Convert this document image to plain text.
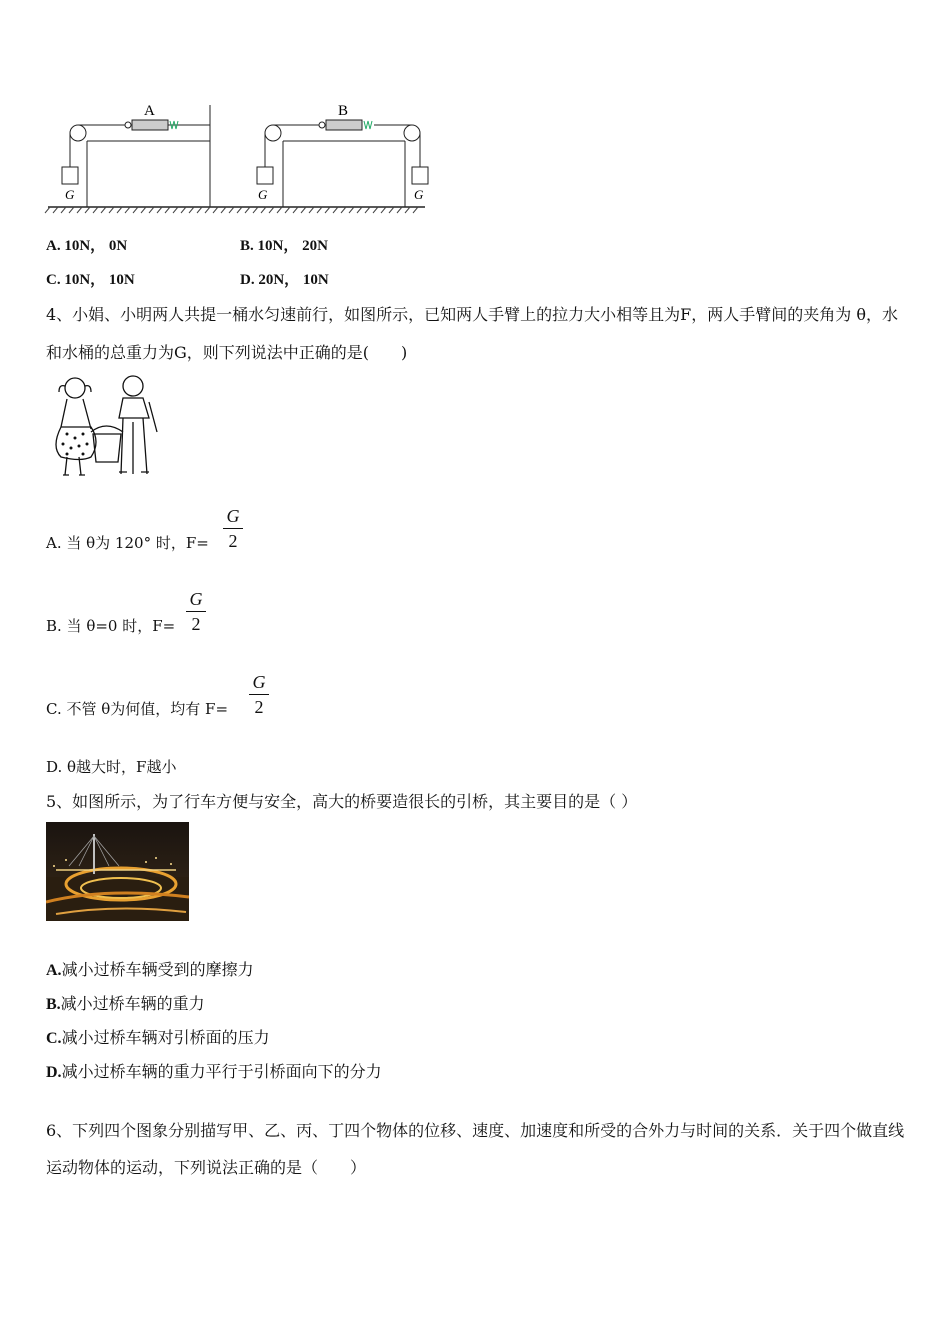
G
A
G	G
B
A. 10N， 0N	B. 10N， 20N
C. 10N， 10N	D. 20N， 10N
4、小娟、小明两人共提一桶水匀速前行，如图所示，已知两人手臂上的拉力大小相等且为F，两人手臂间的夹角为 θ，水
和水桶的总重力为G，则下列说法中正确的是(　　)
A. 当 θ为 120° 时，F=
G
2
B. 当 θ=0 时，F=
G
2
C. 不管 θ为何值，均有 F=
G
2
D. θ越大时，F越小
5、如图所示，为了行车方便与安全，高大的桥要造很长的引桥，其主要目的是（ ）
A.减小过桥车辆受到的摩擦力
B.减小过桥车辆的重力
C.减小过桥车辆对引桥面的压力
D.减小过桥车辆的重力平行于引桥面向下的分力
6、下列四个图象分别描写甲、乙、丙、丁四个物体的位移、速度、加速度和所受的合外力与时间的关系．关于四个做直线
运动物体的运动，下列说法正确的是（　　）
